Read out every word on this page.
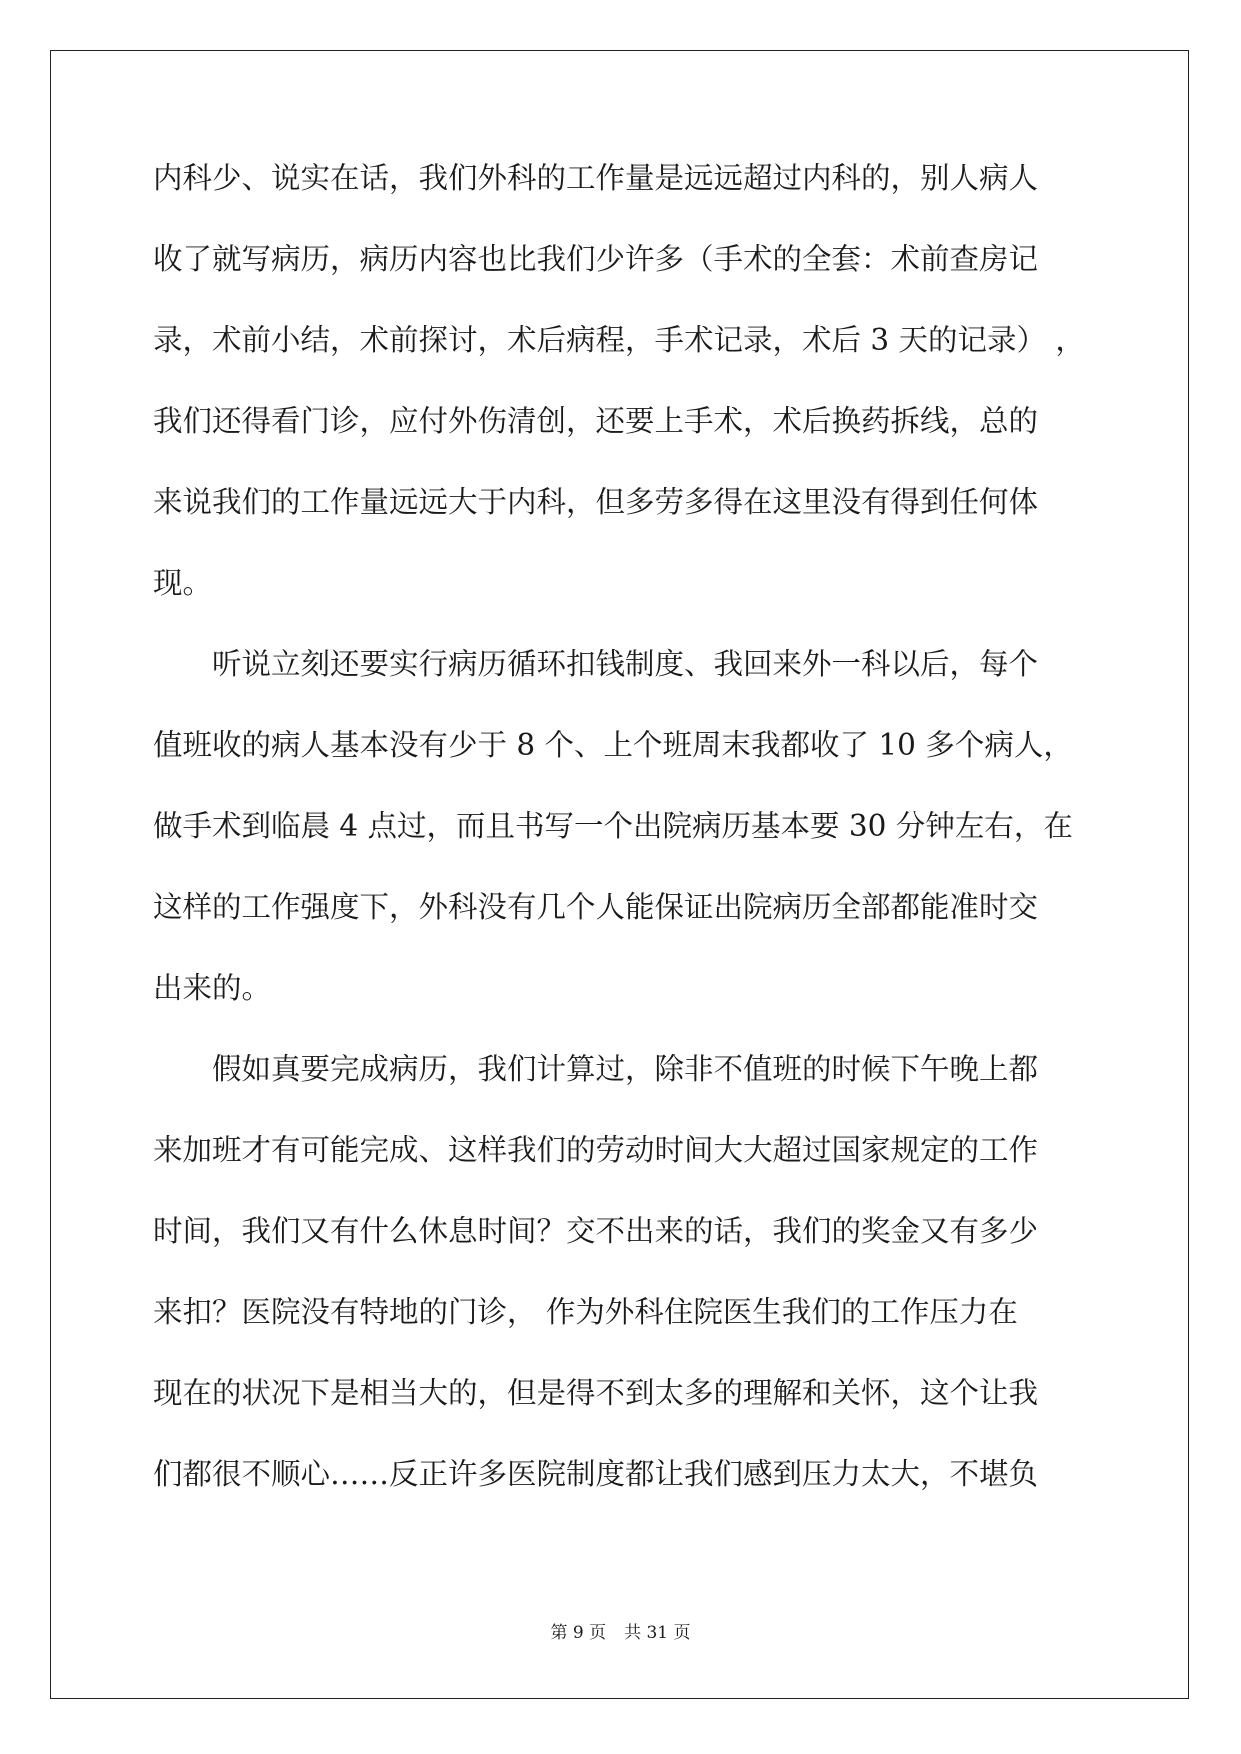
内科少、说实在话，我们外科的工作量是远远超过内科的，别人病人
收了就写病历，病历内容也比我们少许多（手术的全套：术前查房记
录，术前小结，术前探讨，术后病程，手术记录，术后 3 天的记录） ，
我们还得看门诊，应付外伤清创，还要上手术，术后换药拆线，总的
来说我们的工作量远远大于内科，但多劳多得在这里没有得到任何体
现。
　　听说立刻还要实行病历循环扣钱制度、我回来外一科以后，每个
值班收的病人基本没有少于 8 个、上个班周末我都收了 10 多个病人，
做手术到临晨 4 点过，而且书写一个出院病历基本要 30 分钟左右，在
这样的工作强度下，外科没有几个人能保证出院病历全部都能准时交
出来的。
　　假如真要完成病历，我们计算过，除非不值班的时候下午晚上都
来加班才有可能完成、这样我们的劳动时间大大超过国家规定的工作
时间，我们又有什么休息时间？交不出来的话，我们的奖金又有多少
来扣？医院没有特地的门诊， 作为外科住院医生我们的工作压力在
现在的状况下是相当大的，但是得不到太多的理解和关怀，这个让我
们都很不顺心……反正许多医院制度都让我们感到压力太大，不堪负
第 9 页 共 31 页
